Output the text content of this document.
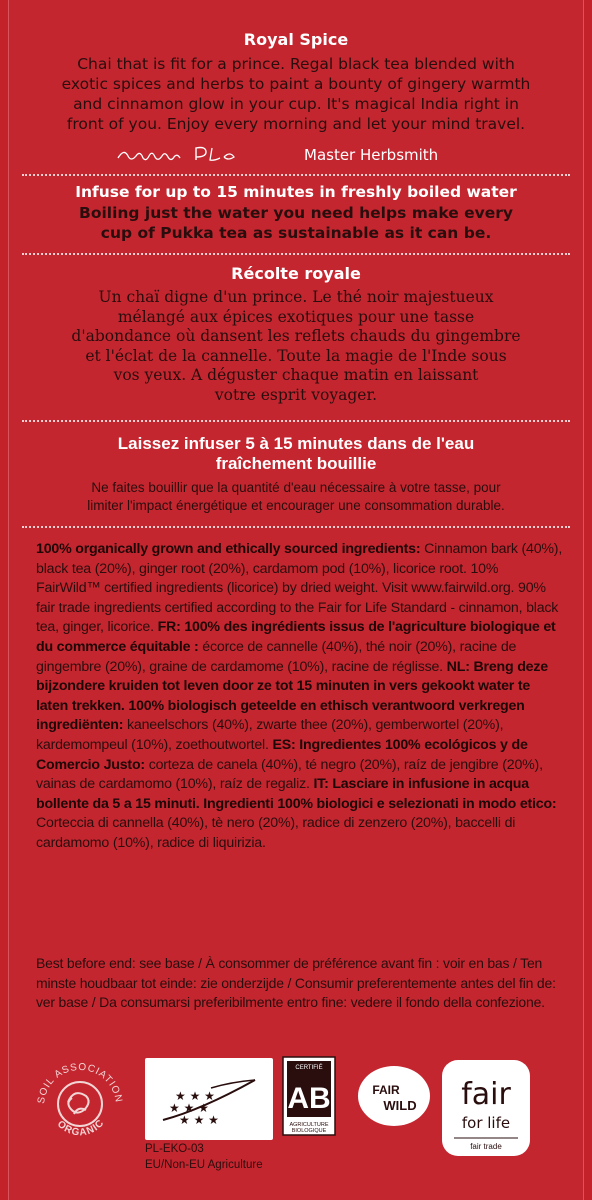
Royal Spice
Chai that is fit for a prince. Regal black tea blended with
exotic spices and herbs to paint a bounty of gingery warmth
and cinnamon glow in your cup. It's magical India right in
front of you. Enjoy every morning and let your mind travel.
Master Herbsmith
Infuse for up to 15 minutes in freshly boiled water
Boiling just the water you need helps make every
cup of Pukka tea as sustainable as it can be.
Récolte royale
Un chaï digne d'un prince. Le thé noir majestueux
mélangé aux épices exotiques pour une tasse
d'abondance où dansent les reflets chauds du gingembre
et l'éclat de la cannelle. Toute la magie de l'Inde sous
vos yeux. A déguster chaque matin en laissant
votre esprit voyager.
Laissez infuser 5 à 15 minutes dans de l'eau
fraîchement bouillie
Ne faites bouillir que la quantité d'eau nécessaire à votre tasse, pour
limiter l'impact énergétique et encourager une consommation durable.
100% organically grown and ethically sourced ingredients: Cinnamon bark (40%), black tea (20%), ginger root (20%), cardamom pod (10%), licorice root. 10% FairWild™ certified ingredients (licorice) by dried weight. Visit www.fairwild.org. 90% fair trade ingredients certified according to the Fair for Life Standard - cinnamon, black tea, ginger, licorice. FR: 100% des ingrédients issus de l'agriculture biologique et du commerce équitable : écorce de cannelle (40%), thé noir (20%), racine de gingembre (20%), graine de cardamome (10%), racine de réglisse. NL: Breng deze bijzondere kruiden tot leven door ze tot 15 minuten in vers gekookt water te laten trekken. 100% biologisch geteelde en ethisch verantwoord verkregen ingrediënten: kaneelschors (40%), zwarte thee (20%), gemberwortel (20%), kardemompeul (10%), zoethoutwortel. ES: Ingredientes 100% ecológicos y de Comercio Justo: corteza de canela (40%), té negro (20%), raíz de jengibre (20%), vainas de cardamomo (10%), raíz de regaliz. IT: Lasciare in infusione in acqua bollente da 5 a 15 minuti. Ingredienti 100% biologici e selezionati in modo etico: Corteccia di cannella (40%), tè nero (20%), radice di zenzero (20%), baccelli di cardamomo (10%), radice di liquirizia.
Best before end: see base / À consommer de préférence avant fin : voir en bas / Ten minste houdbaar tot einde: zie onderzijde / Consumir preferentemente antes del fin de: ver base / Da consumarsi preferibilmente entro fine: vedere il fondo della confezione.
SOIL ASSOCIATION
ORGANIC
★ ★ ★
★ ★ ★
★ ★ ★
CERTIFIÉ
AB
AGRICULTURE
BIOLOGIQUE
FAIR
WILD fair
for life
fair trade
PL-EKO-03
EU/Non-EU Agriculture
